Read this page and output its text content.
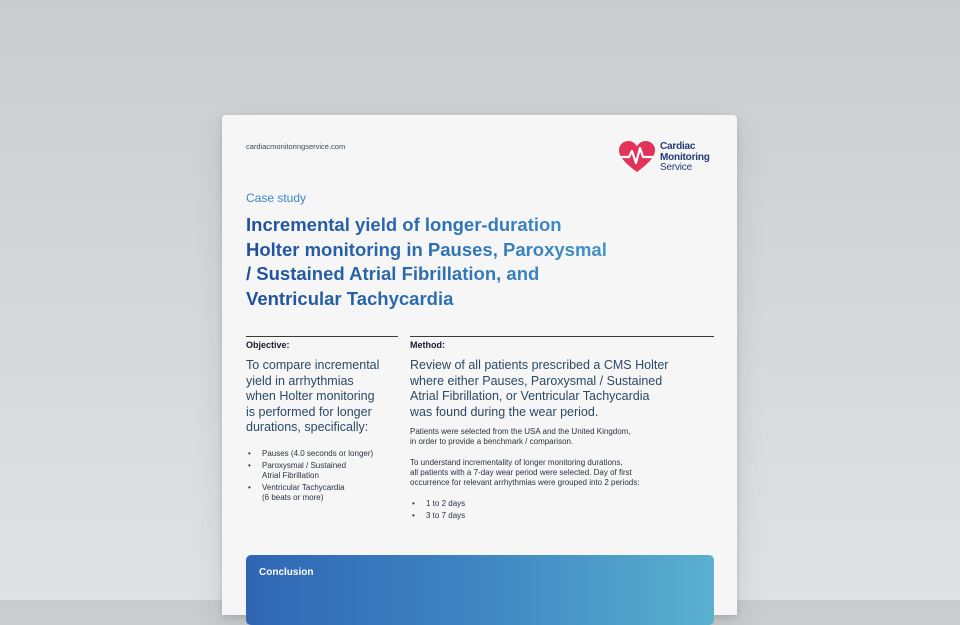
cardiacmonitoringservice.com	Cardiac
Monitoring
Service
Case study
Incremental yield of longer-duration
Holter monitoring in Pauses, Paroxysmal
/ Sustained Atrial Fibrillation, and
Ventricular Tachycardia
Objective:
To compare incremental
yield in arrhythmias
when Holter monitoring
is performed for longer
durations, specifically:
• Pauses (4.0 seconds or longer)
• Paroxysmal / Sustained
Atrial Fibrillation
• Ventricular Tachycardia
(6 beats or more)
Method:
Review of all patients prescribed a CMS Holter
where either Pauses, Paroxysmal / Sustained
Atrial Fibrillation, or Ventricular Tachycardia
was found during the wear period.
Patients were selected from the USA and the United Kingdom,
in order to provide a benchmark / comparison.
To understand incrementality of longer monitoring durations,
all patients with a 7-day wear period were selected. Day of first
occurrence for relevant arrhythmias were grouped into 2 periods:
• 1 to 2 days
• 3 to 7 days
Conclusion
